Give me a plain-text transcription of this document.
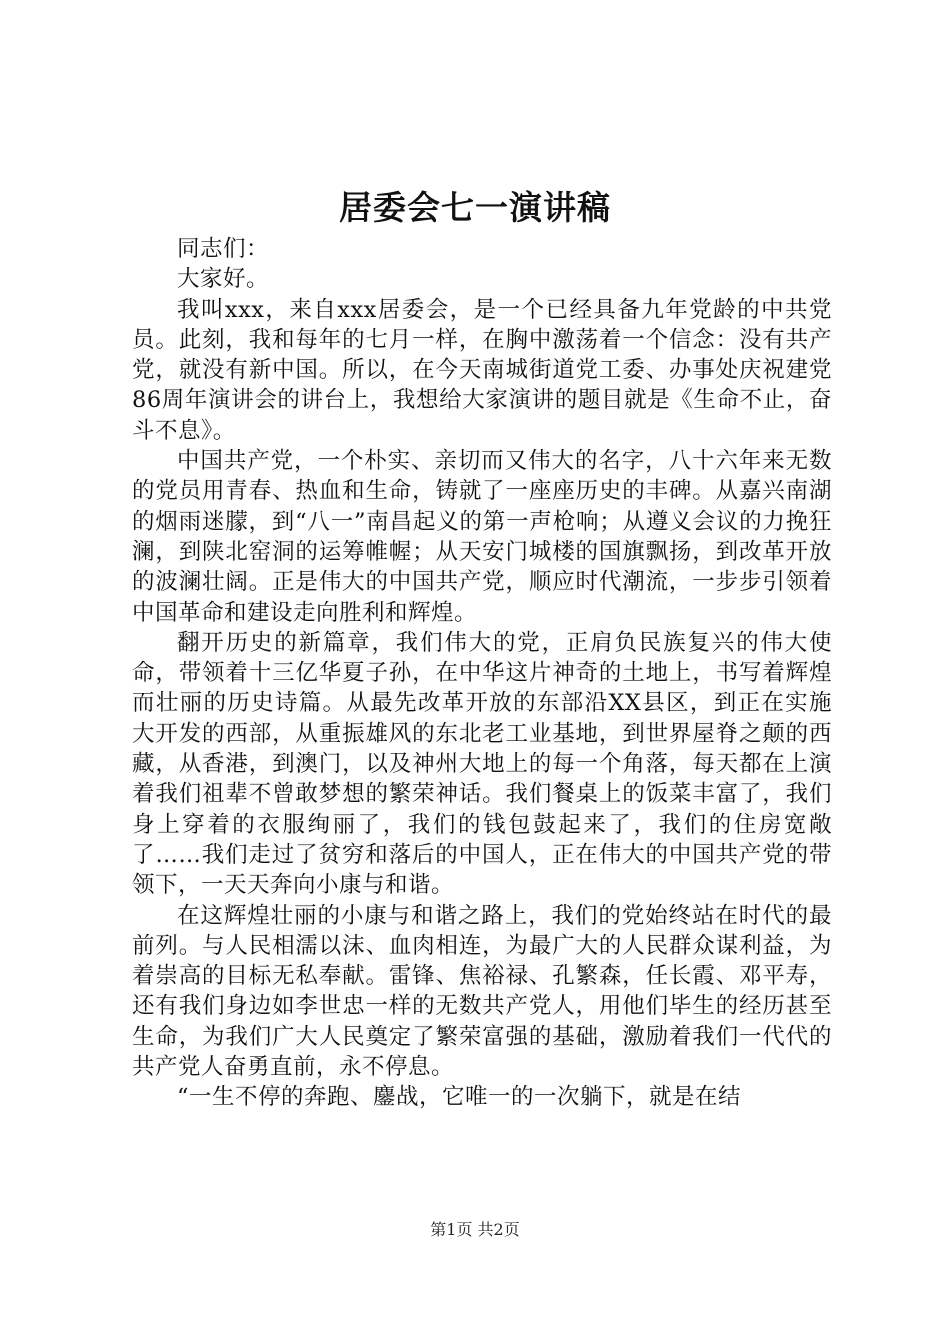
居委会七一演讲稿

同志们：

大家好。

我叫xxx，来自xxx居委会，是一个已经具备九年党龄的中共党员。此刻，我和每年的七月一样，在胸中激荡着一个信念：没有共产党，就没有新中国。所以，在今天南城街道党工委、办事处庆祝建党86周年演讲会的讲台上，我想给大家演讲的题目就是《生命不止，奋斗不息》。

中国共产党，一个朴实、亲切而又伟大的名字，八十六年来无数的党员用青春、热血和生命，铸就了一座座历史的丰碑。从嘉兴南湖的烟雨迷朦，到“八一”南昌起义的第一声枪响；从遵义会议的力挽狂澜，到陕北窑洞的运筹帷幄；从天安门城楼的国旗飘扬，到改革开放的波澜壮阔。正是伟大的中国共产党，顺应时代潮流，一步步引领着中国革命和建设走向胜利和辉煌。

翻开历史的新篇章，我们伟大的党，正肩负民族复兴的伟大使命，带领着十三亿华夏子孙，在中华这片神奇的土地上，书写着辉煌而壮丽的历史诗篇。从最先改革开放的东部沿XX县区，到正在实施大开发的西部，从重振雄风的东北老工业基地，到世界屋脊之颠的西藏，从香港，到澳门，以及神州大地上的每一个角落，每天都在上演着我们祖辈不曾敢梦想的繁荣神话。我们餐桌上的饭菜丰富了，我们身上穿着的衣服绚丽了，我们的钱包鼓起来了，我们的住房宽敞了……我们走过了贫穷和落后的中国人，正在伟大的中国共产党的带领下，一天天奔向小康与和谐。

在这辉煌壮丽的小康与和谐之路上，我们的党始终站在时代的最前列。与人民相濡以沫、血肉相连，为最广大的人民群众谋利益，为着崇高的目标无私奉献。雷锋、焦裕禄、孔繁森，任长霞、邓平寿，还有我们身边如李世忠一样的无数共产党人，用他们毕生的经历甚至生命，为我们广大人民奠定了繁荣富强的基础，激励着我们一代代的共产党人奋勇直前，永不停息。

“一生不停的奔跑、鏖战，它唯一的一次躺下，就是在结

第1页 共2页
